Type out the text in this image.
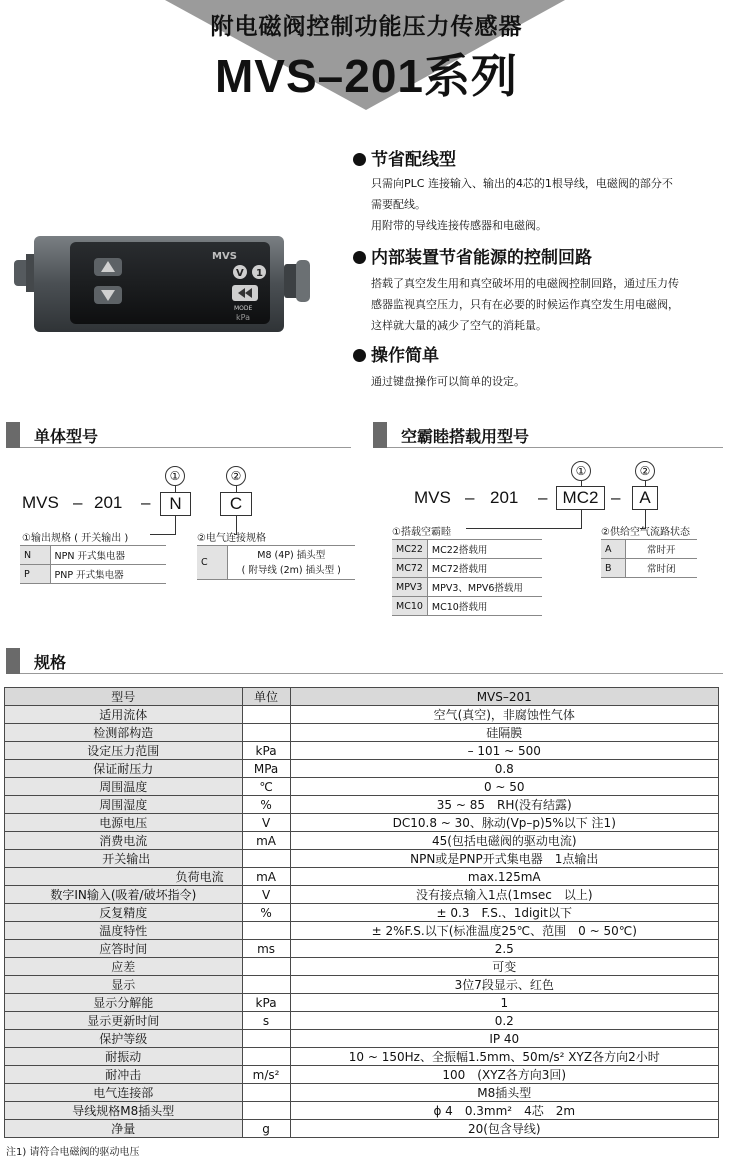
附电磁阀控制功能压力传感器
MVS–201系列
MVS
V 1
MODE
kPa
节省配线型
只需向PLC 连接输入、输出的4芯的1根导线，电磁阀的部分不
需要配线。
用附带的导线连接传感器和电磁阀。
内部装置节省能源的控制回路
搭载了真空发生用和真空破坏用的电磁阀控制回路，通过压力传
感器监视真空压力，只有在必要的时候运作真空发生用电磁阀，
这样就大量的减少了空气的消耗量。
操作简单
通过键盘操作可以简单的设定。
单体型号	空霸睦搭载用型号
①	②
MVS – 201 –	N	C
①输出规格 ( 开关输出 )	②电气连接规格
N	NPN 开式集电器
P	PNP 开式集电器
C	
M8 (4P) 插头型
( 附导线 (2m) 插头型 )
①	②
MVS – 201 – MC2 –	A
①搭载空霸睦	②供给空气流路状态
MC22	MC22搭载用
MC72	MC72搭载用
MPV3	MPV3、MPV6搭载用
MC10	MC10搭载用
A	常时开
B	常时闭
规格
型号	单位	MVS–201
适用流体		空气(真空)，非腐蚀性气体
检测部构造		硅隔膜
设定压力范围	kPa	– 101 ~ 500
保证耐压力	MPa	0.8
周围温度	℃	0 ~ 50
周围湿度	%	35 ~ 85　RH(没有结露)
电源电压	V	DC10.8 ~ 30、脉动(Vp–p)5%以下 注1)
消费电流	mA	45(包括电磁阀的驱动电流)
开关输出		NPN或是PNP开式集电器　1点输出
负荷电流	mA	max.125mA
数字IN输入(吸着/破坏指令)	V	没有接点输入1点(1msec　以上)
反复精度	%	± 0.3　F.S.、1digit以下
温度特性		± 2%F.S.以下(标准温度25℃、范围　0 ~ 50℃)
应答时间	ms	2.5
应差		可变
显示		3位7段显示、红色
显示分解能	kPa	1
显示更新时间	s	0.2
保护等级		IP 40
耐振动		10 ~ 150Hz、全振幅1.5mm、50m/s² XYZ各方向2小时
耐冲击	m/s²	100　(XYZ各方向3回)
电气连接部		M8插头型
导线规格M8插头型		ϕ 4　0.3mm²　4芯　2m
净量	g	20(包含导线)
注1) 请符合电磁阀的驱动电压
